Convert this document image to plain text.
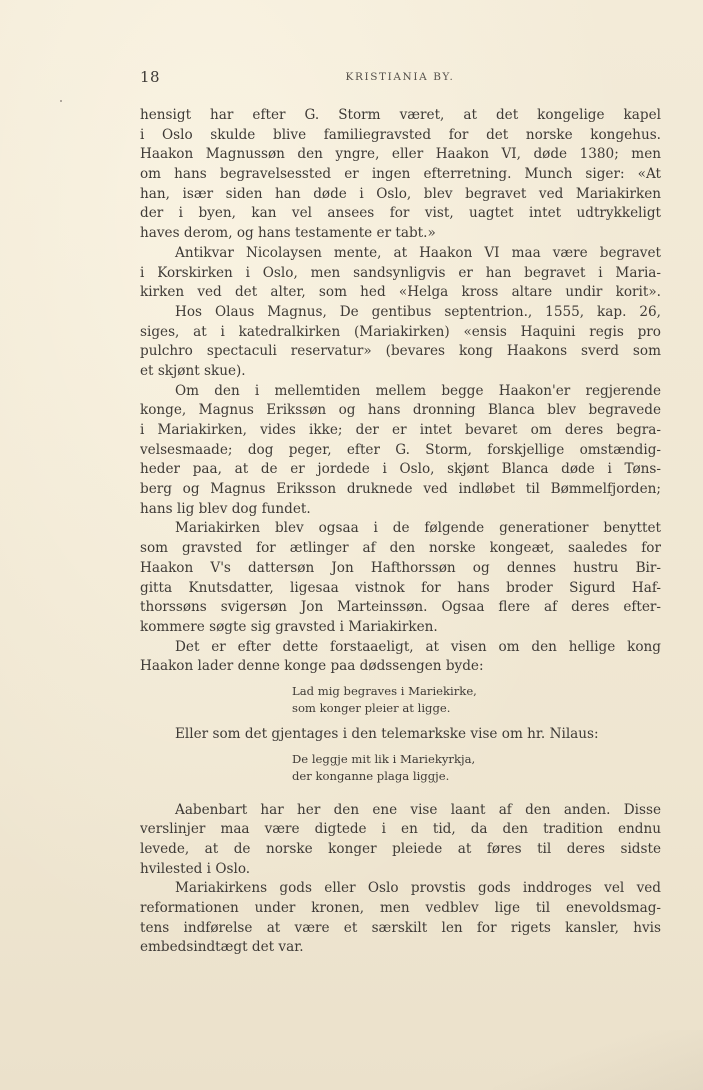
18	KRISTIANIA BY.
hensigt har efter G. Storm været, at det kongelige kapel
i Oslo skulde blive familiegravsted for det norske kongehus.
Haakon Magnussøn den yngre, eller Haakon VI, døde 1380; men
om hans begravelsessted er ingen efterretning. Munch siger: «At
han, især siden han døde i Oslo, blev begravet ved Mariakirken
der i byen, kan vel ansees for vist, uagtet intet udtrykkeligt
haves derom, og hans testamente er tabt.»
Antikvar Nicolaysen mente, at Haakon VI maa være begravet
i Korskirken i Oslo, men sandsynligvis er han begravet i Maria-
kirken ved det alter, som hed «Helga kross altare undir korit».
Hos Olaus Magnus, De gentibus septentrion., 1555, kap. 26,
siges, at i katedralkirken (Mariakirken) «ensis Haquini regis pro
pulchro spectaculi reservatur» (bevares kong Haakons sverd som
et skjønt skue).
Om den i mellemtiden mellem begge Haakon'er regjerende
konge, Magnus Erikssøn og hans dronning Blanca blev begravede
i Mariakirken, vides ikke; der er intet bevaret om deres begra-
velsesmaade; dog peger, efter G. Storm, forskjellige omstændig-
heder paa, at de er jordede i Oslo, skjønt Blanca døde i Tøns-
berg og Magnus Eriksson druknede ved indløbet til Bømmelfjorden;
hans lig blev dog fundet.
Mariakirken blev ogsaa i de følgende generationer benyttet
som gravsted for ætlinger af den norske kongeæt, saaledes for
Haakon V's dattersøn Jon Hafthorssøn og dennes hustru Bir-
gitta Knutsdatter, ligesaa vistnok for hans broder Sigurd Haf-
thorssøns svigersøn Jon Marteinssøn. Ogsaa flere af deres efter-
kommere søgte sig gravsted i Mariakirken.
Det er efter dette forstaaeligt, at visen om den hellige kong
Haakon lader denne konge paa dødssengen byde:
Lad mig begraves i Mariekirke,
som konger pleier at ligge.
Eller som det gjentages i den telemarkske vise om hr. Nilaus:
De leggje mit lik i Mariekyrkja,
der konganne plaga liggje.
Aabenbart har her den ene vise laant af den anden. Disse
verslinjer maa være digtede i en tid, da den tradition endnu
levede, at de norske konger pleiede at føres til deres sidste
hvilested i Oslo.
Mariakirkens gods eller Oslo provstis gods inddroges vel ved
reformationen under kronen, men vedblev lige til enevoldsmag-
tens indførelse at være et særskilt len for rigets kansler, hvis
embedsindtægt det var.
